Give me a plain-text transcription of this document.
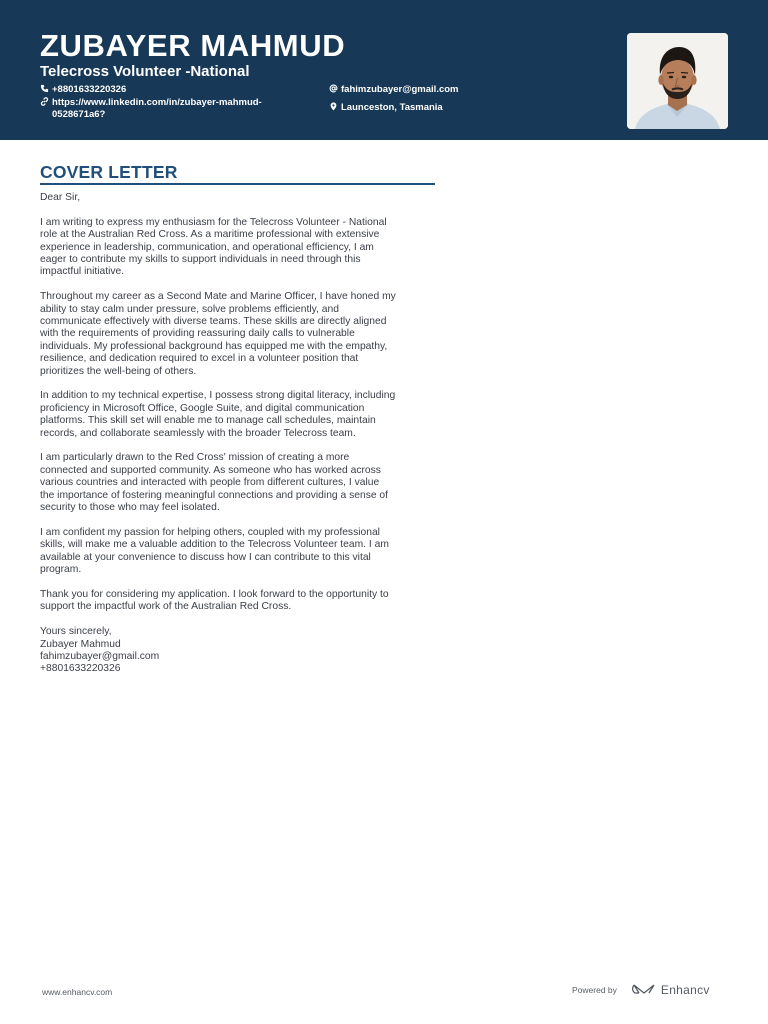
ZUBAYER MAHMUD
Telecross Volunteer -National
+8801633220326
https://www.linkedin.com/in/zubayer-mahmud-
0528671a6?
fahimzubayer@gmail.com
Launceston, Tasmania
COVER LETTER

Dear Sir,

I am writing to express my enthusiasm for the Telecross Volunteer - National
role at the Australian Red Cross. As a maritime professional with extensive
experience in leadership, communication, and operational efficiency, I am
eager to contribute my skills to support individuals in need through this
impactful initiative.

Throughout my career as a Second Mate and Marine Officer, I have honed my
ability to stay calm under pressure, solve problems efficiently, and
communicate effectively with diverse teams. These skills are directly aligned
with the requirements of providing reassuring daily calls to vulnerable
individuals. My professional background has equipped me with the empathy,
resilience, and dedication required to excel in a volunteer position that
prioritizes the well-being of others.

In addition to my technical expertise, I possess strong digital literacy, including
proficiency in Microsoft Office, Google Suite, and digital communication
platforms. This skill set will enable me to manage call schedules, maintain
records, and collaborate seamlessly with the broader Telecross team.

I am particularly drawn to the Red Cross' mission of creating a more
connected and supported community. As someone who has worked across
various countries and interacted with people from different cultures, I value
the importance of fostering meaningful connections and providing a sense of
security to those who may feel isolated.

I am confident my passion for helping others, coupled with my professional
skills, will make me a valuable addition to the Telecross Volunteer team. I am
available at your convenience to discuss how I can contribute to this vital
program.

Thank you for considering my application. I look forward to the opportunity to
support the impactful work of the Australian Red Cross.

Yours sincerely,
Zubayer Mahmud
fahimzubayer@gmail.com
+8801633220326

www.enhancv.com	Powered by	Enhancv
